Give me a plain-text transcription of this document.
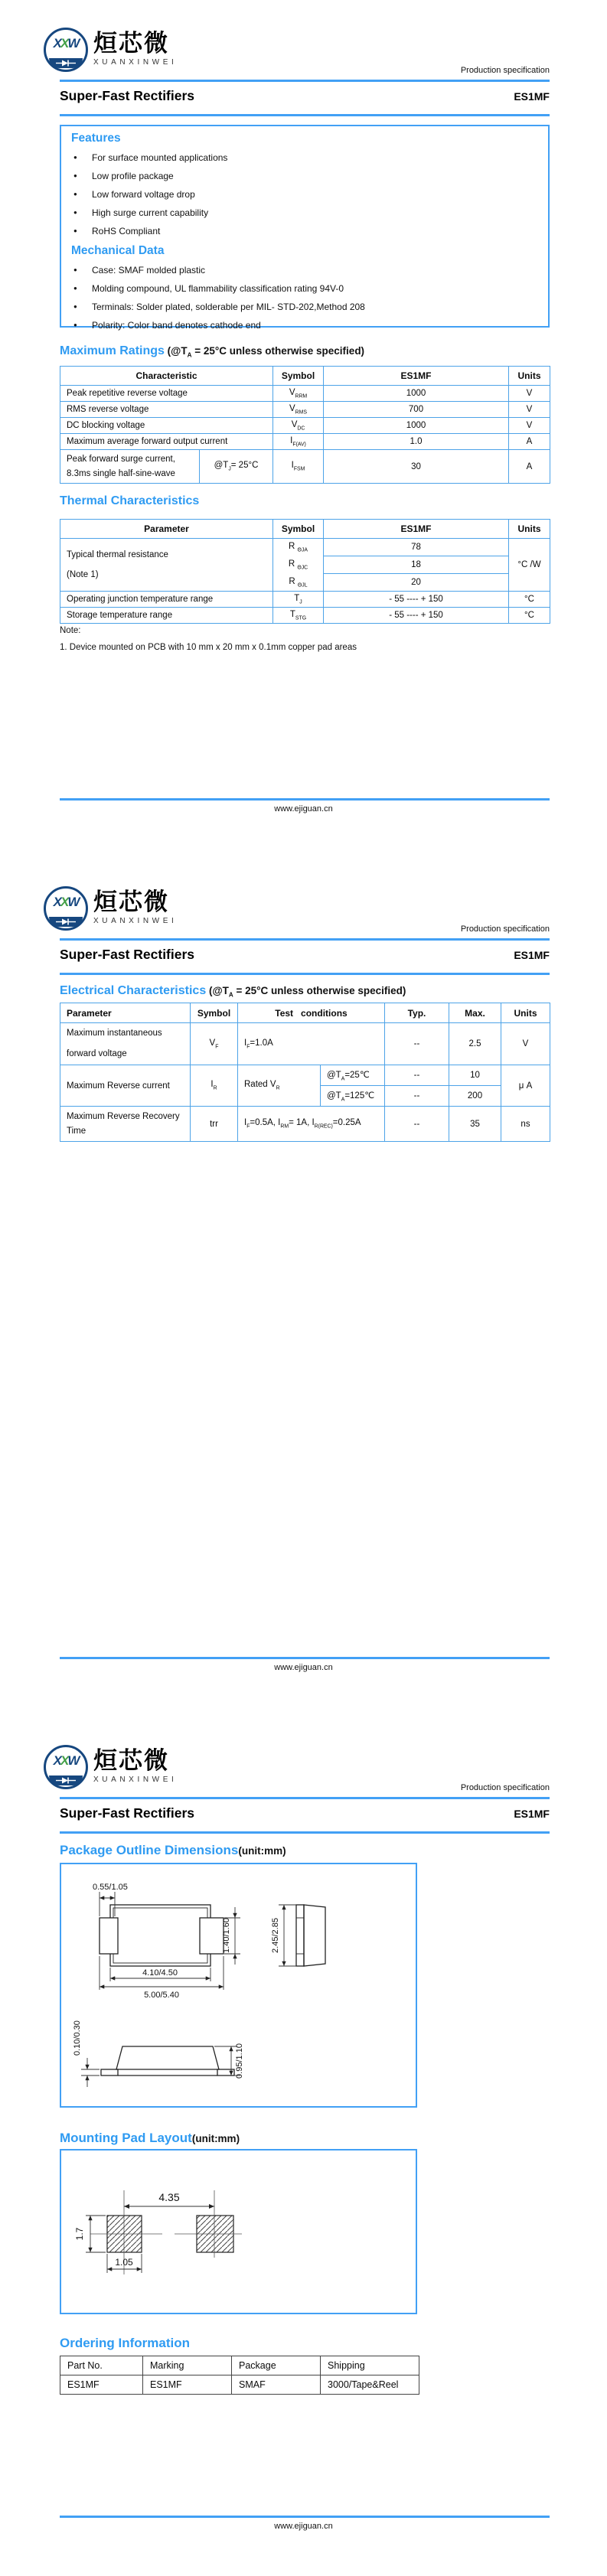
XXW 烜芯微
XUANXINWEI
Production specification
Super-Fast Rectifiers	ES1MF
Features
● For surface mounted applications
● Low profile package
● Low forward voltage drop
● High surge current capability
● RoHS Compliant
Mechanical Data
● Case: SMAF molded plastic
● Molding compound, UL flammability classification rating 94V-0
● Terminals: Solder plated, solderable per MIL- STD-202,Method 208
● Polarity: Color band denotes cathode end
Maximum Ratings ($@T_A = 25^\circ C$ unless otherwise specified)
Characteristic		Symbol	ES1MF	Units
Peak repetitive reverse voltage		$V_{RRM}$	1000	V
RMS reverse voltage		$V_{RMS}$	700	V
DC blocking voltage		$V_{DC}$	1000	V
Maximum average forward output current		$I_{F(AV)}$	1.0	A
Peak forward surge current,
8.3ms single half-sine-wave	$@T_J= 25^\circ C$	$I_{FSM}$	30	A
Thermal Characteristics
Parameter	Symbol	ES1MF	Units

Typical thermal resistance
(Note 1)	R $_{\Theta JA}$	78	°C /W
	R $_{\Theta JC}$	18	
	R $_{\Theta JL}$	20	
Operating junction temperature range	$T_J$	- 55 ---- + 150	°C
Storage temperature range	$T_{STG}$	- 55 ---- + 150	°C
Note:
1. Device mounted on PCB with 10 mm x 20 mm x 0.1mm copper pad areas
www.ejiguan.cn
XXW 烜芯微
XUANXINWEI
Production specification
Super-Fast Rectifiers	ES1MF
Electrical Characteristics ($@T_A = 25^\circ C$ unless otherwise specified)
Parameter	Symbol	Test   conditions		Typ.	Max.	Units
Maximum instantaneous
forward voltage	$V_F$	$I_F=1.0A$		--	2.5	V
Maximum Reverse current	$I_R$	Rated $V_R$	$@T_A=25℃$	--	10	μ A
			$@T_A=125℃$	--	200	
Maximum Reverse Recovery
Time	trr	$I_F=0.5A$, $I_{RM}= 1A$, $I_{R(REC)}=0.25A$		--	35	ns
www.ejiguan.cn
XXW 烜芯微
XUANXINWEI
Production specification
Super-Fast Rectifiers	ES1MF
Package Outline Dimensions(unit:mm)
0.55/1.05
1.40/1.60
4.10/4.50
5.00/5.40
2.45/2.85
0.10/0.30
0.95/1.10
Mounting Pad Layout(unit:mm)
4.35
1.7
1.05
Ordering Information
Part No.	Marking	Package	Shipping
ES1MF	ES1MF	SMAF	3000/Tape&Reel
www.ejiguan.cn
